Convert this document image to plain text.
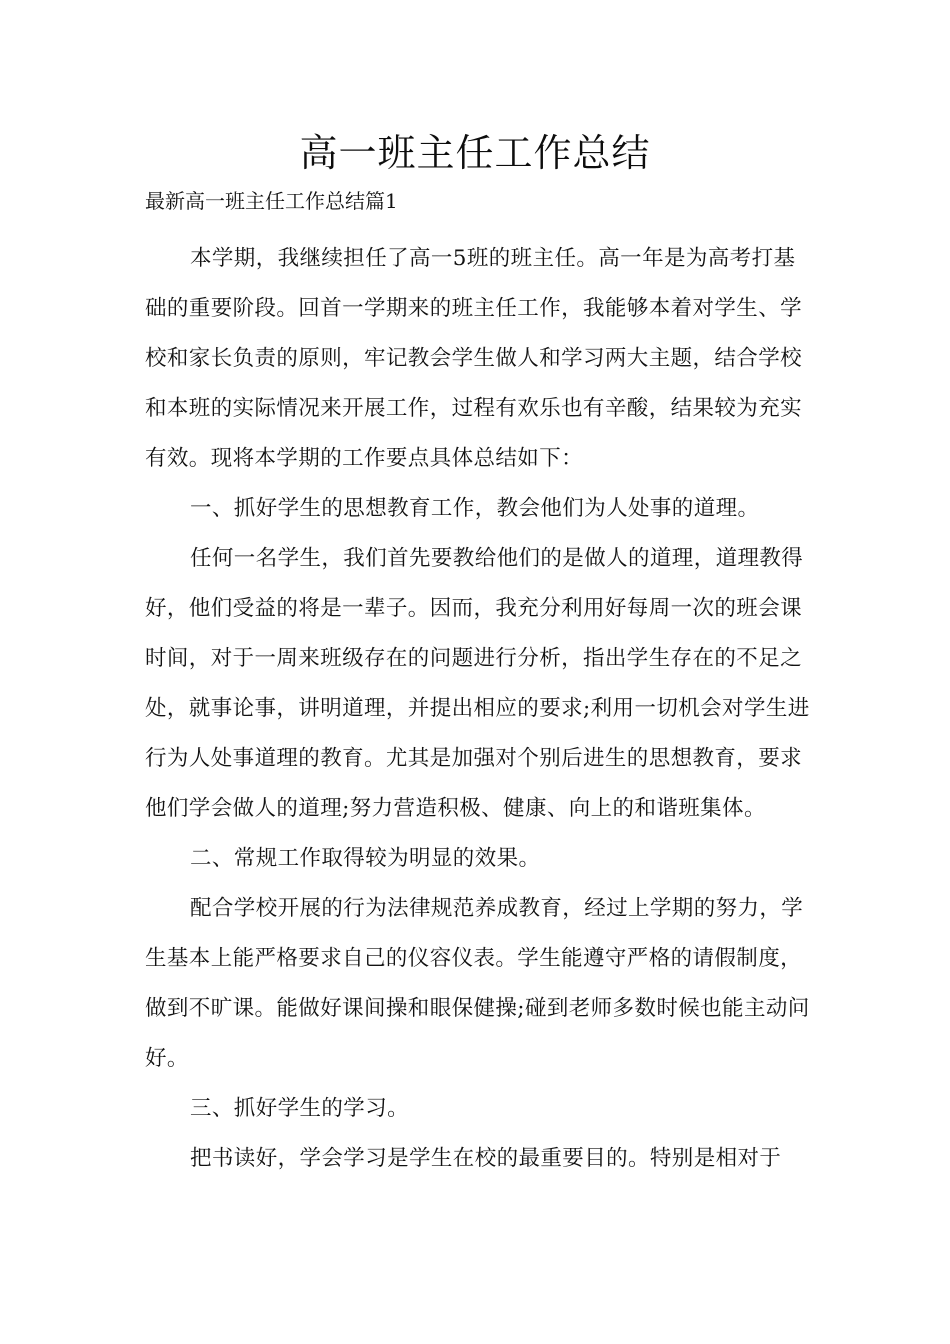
高一班主任工作总结

最新高一班主任工作总结篇1

本学期，我继续担任了高一5班的班主任。高一年是为高考打基础的重要阶段。回首一学期来的班主任工作，我能够本着对学生、学校和家长负责的原则，牢记教会学生做人和学习两大主题，结合学校和本班的实际情况来开展工作，过程有欢乐也有辛酸，结果较为充实有效。现将本学期的工作要点具体总结如下：

一、抓好学生的思想教育工作，教会他们为人处事的道理。

任何一名学生，我们首先要教给他们的是做人的道理，道理教得好，他们受益的将是一辈子。因而，我充分利用好每周一次的班会课时间，对于一周来班级存在的问题进行分析，指出学生存在的不足之处，就事论事，讲明道理，并提出相应的要求;利用一切机会对学生进行为人处事道理的教育。尤其是加强对个别后进生的思想教育，要求他们学会做人的道理;努力营造积极、健康、向上的和谐班集体。

二、常规工作取得较为明显的效果。

配合学校开展的行为法律规范养成教育，经过上学期的努力，学生基本上能严格要求自己的仪容仪表。学生能遵守严格的请假制度，做到不旷课。能做好课间操和眼保健操;碰到老师多数时候也能主动问好。

三、抓好学生的学习。

把书读好，学会学习是学生在校的最重要目的。特别是相对于
